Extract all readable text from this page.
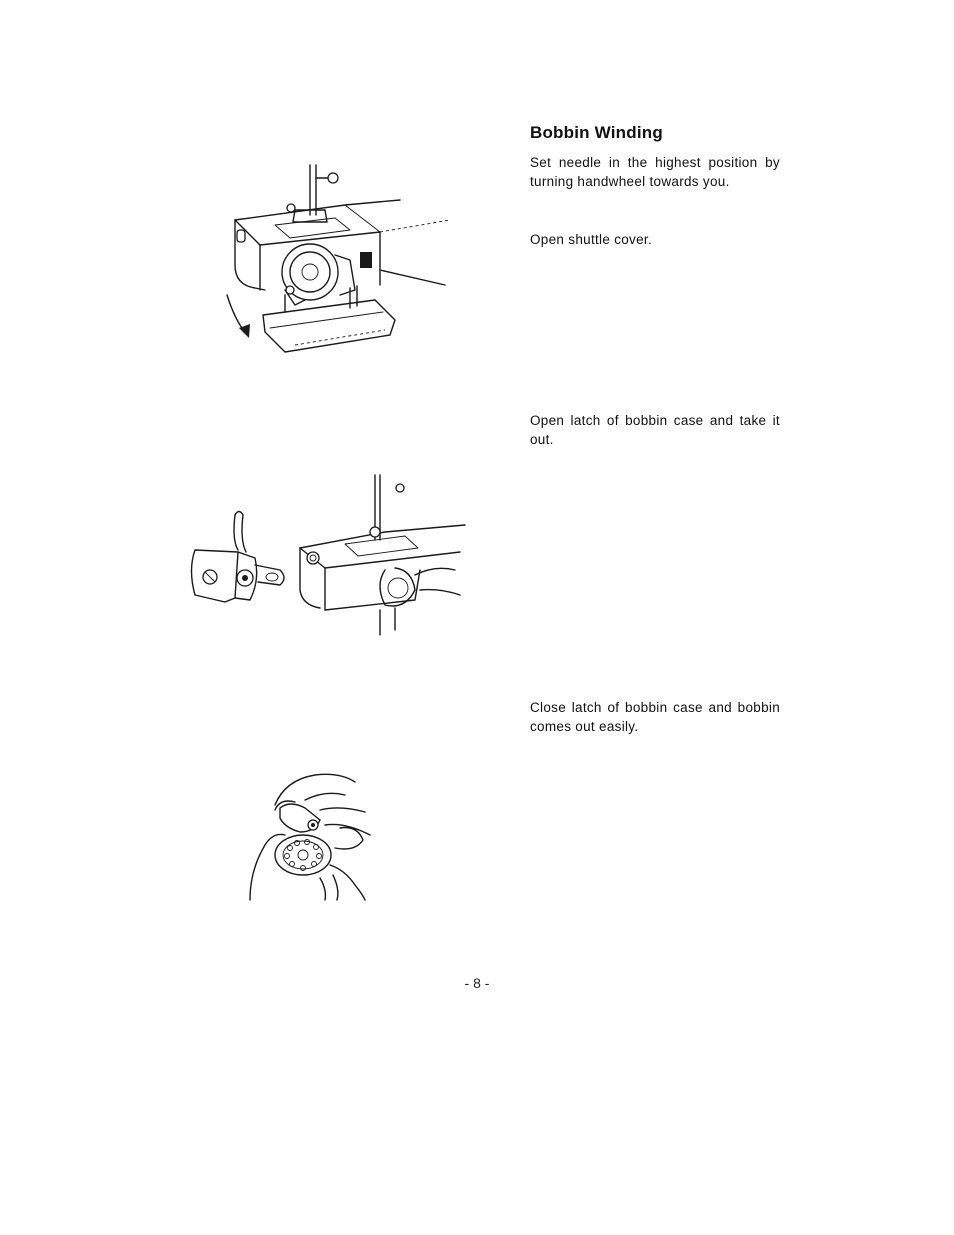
Bobbin Winding

Set needle in the highest position by turning handwheel towards you.

Open shuttle cover.

Open latch of bobbin case and take it out.

Close latch of bobbin case and bobbin comes out easily.

- 8 -
